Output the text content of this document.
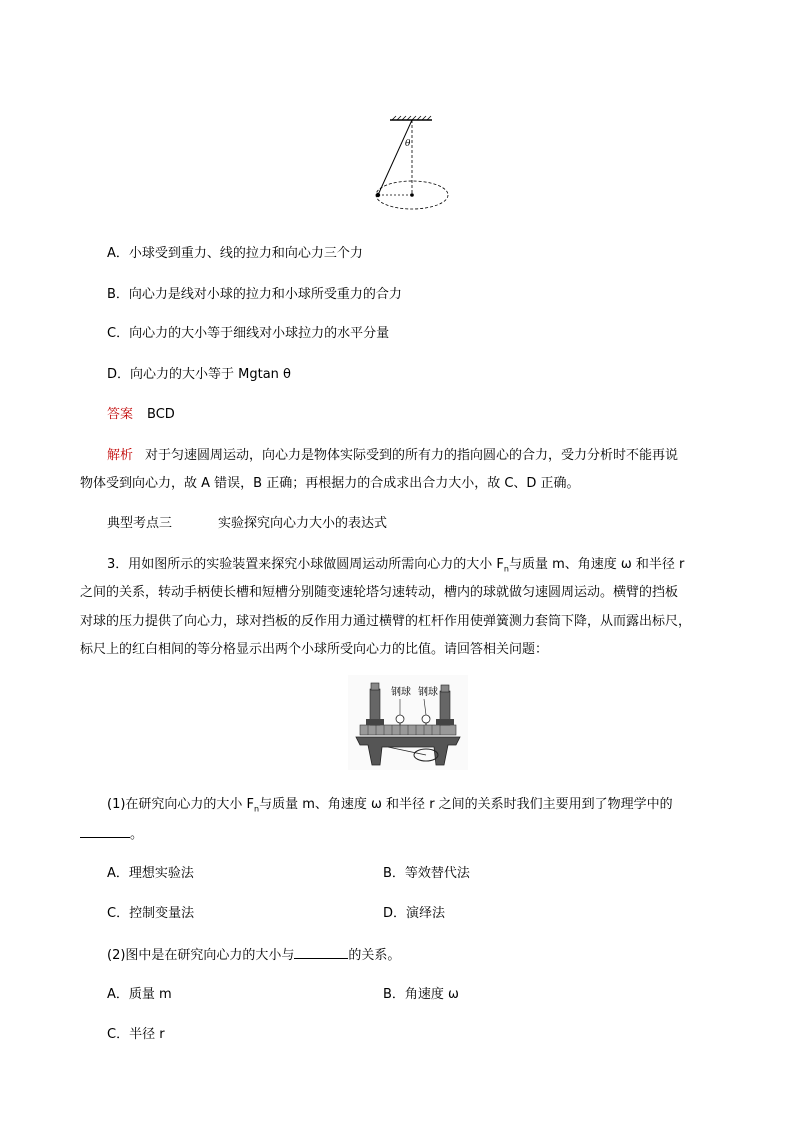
θ
A．小球受到重力、线的拉力和向心力三个力
B．向心力是线对小球的拉力和小球所受重力的合力
C．向心力的大小等于细线对小球拉力的水平分量
D．向心力的大小等于 Mgtan θ
答案 BCD
解析 对于匀速圆周运动，向心力是物体实际受到的所有力的指向圆心的合力，受力分析时不能再说
物体受到向心力，故 A 错误，B 正确；再根据力的合成求出合力大小，故 C、D 正确。
典型考点三	实验探究向心力大小的表达式
3．用如图所示的实验装置来探究小球做圆周运动所需向心力的大小 $F_n$与质量 m、角速度 ω 和半径 r
之间的关系，转动手柄使长槽和短槽分别随变速轮塔匀速转动，槽内的球就做匀速圆周运动。横臂的挡板
对球的压力提供了向心力，球对挡板的反作用力通过横臂的杠杆作用使弹簧测力套筒下降，从而露出标尺，
标尺上的红白相间的等分格显示出两个小球所受向心力的比值。请回答相关问题：
钢球 钢球
(1)在研究向心力的大小 $F_n$与质量 m、角速度 ω 和半径 r 之间的关系时我们主要用到了物理学中的
。
A．理想实验法	B．等效替代法
C．控制变量法	D．演绎法
(2)图中是在研究向心力的大小与	的关系。
A．质量 m	B．角速度 ω
C．半径 r
